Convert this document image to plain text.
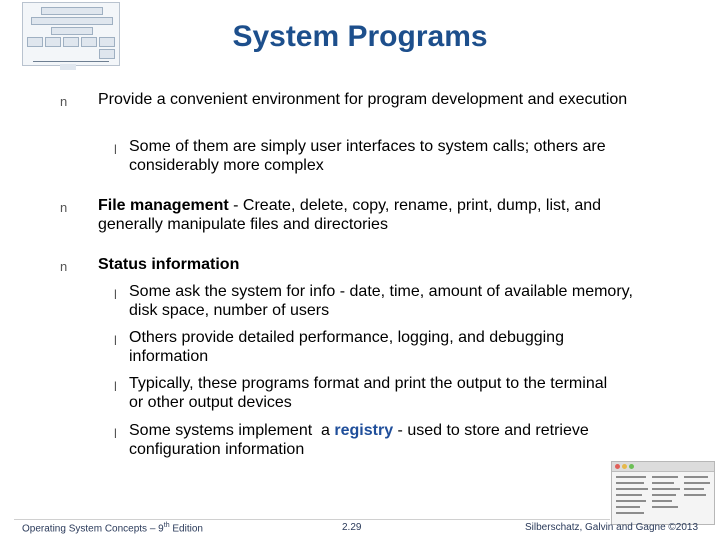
System Programs
n Provide a convenient environment for program development and execution
l Some of them are simply user interfaces to system calls; others are considerably more complex
n File management - Create, delete, copy, rename, print, dump, list, and generally manipulate files and directories
n Status information
l Some ask the system for info - date, time, amount of available memory, disk space, number of users
l Others provide detailed performance, logging, and debugging information
l Typically, these programs format and print the output to the terminal or other output devices
l Some systems implement  a registry - used to store and retrieve configuration information
Operating System Concepts – 9th Edition	2.29	Silberschatz, Galvin and Gagne ©2013
